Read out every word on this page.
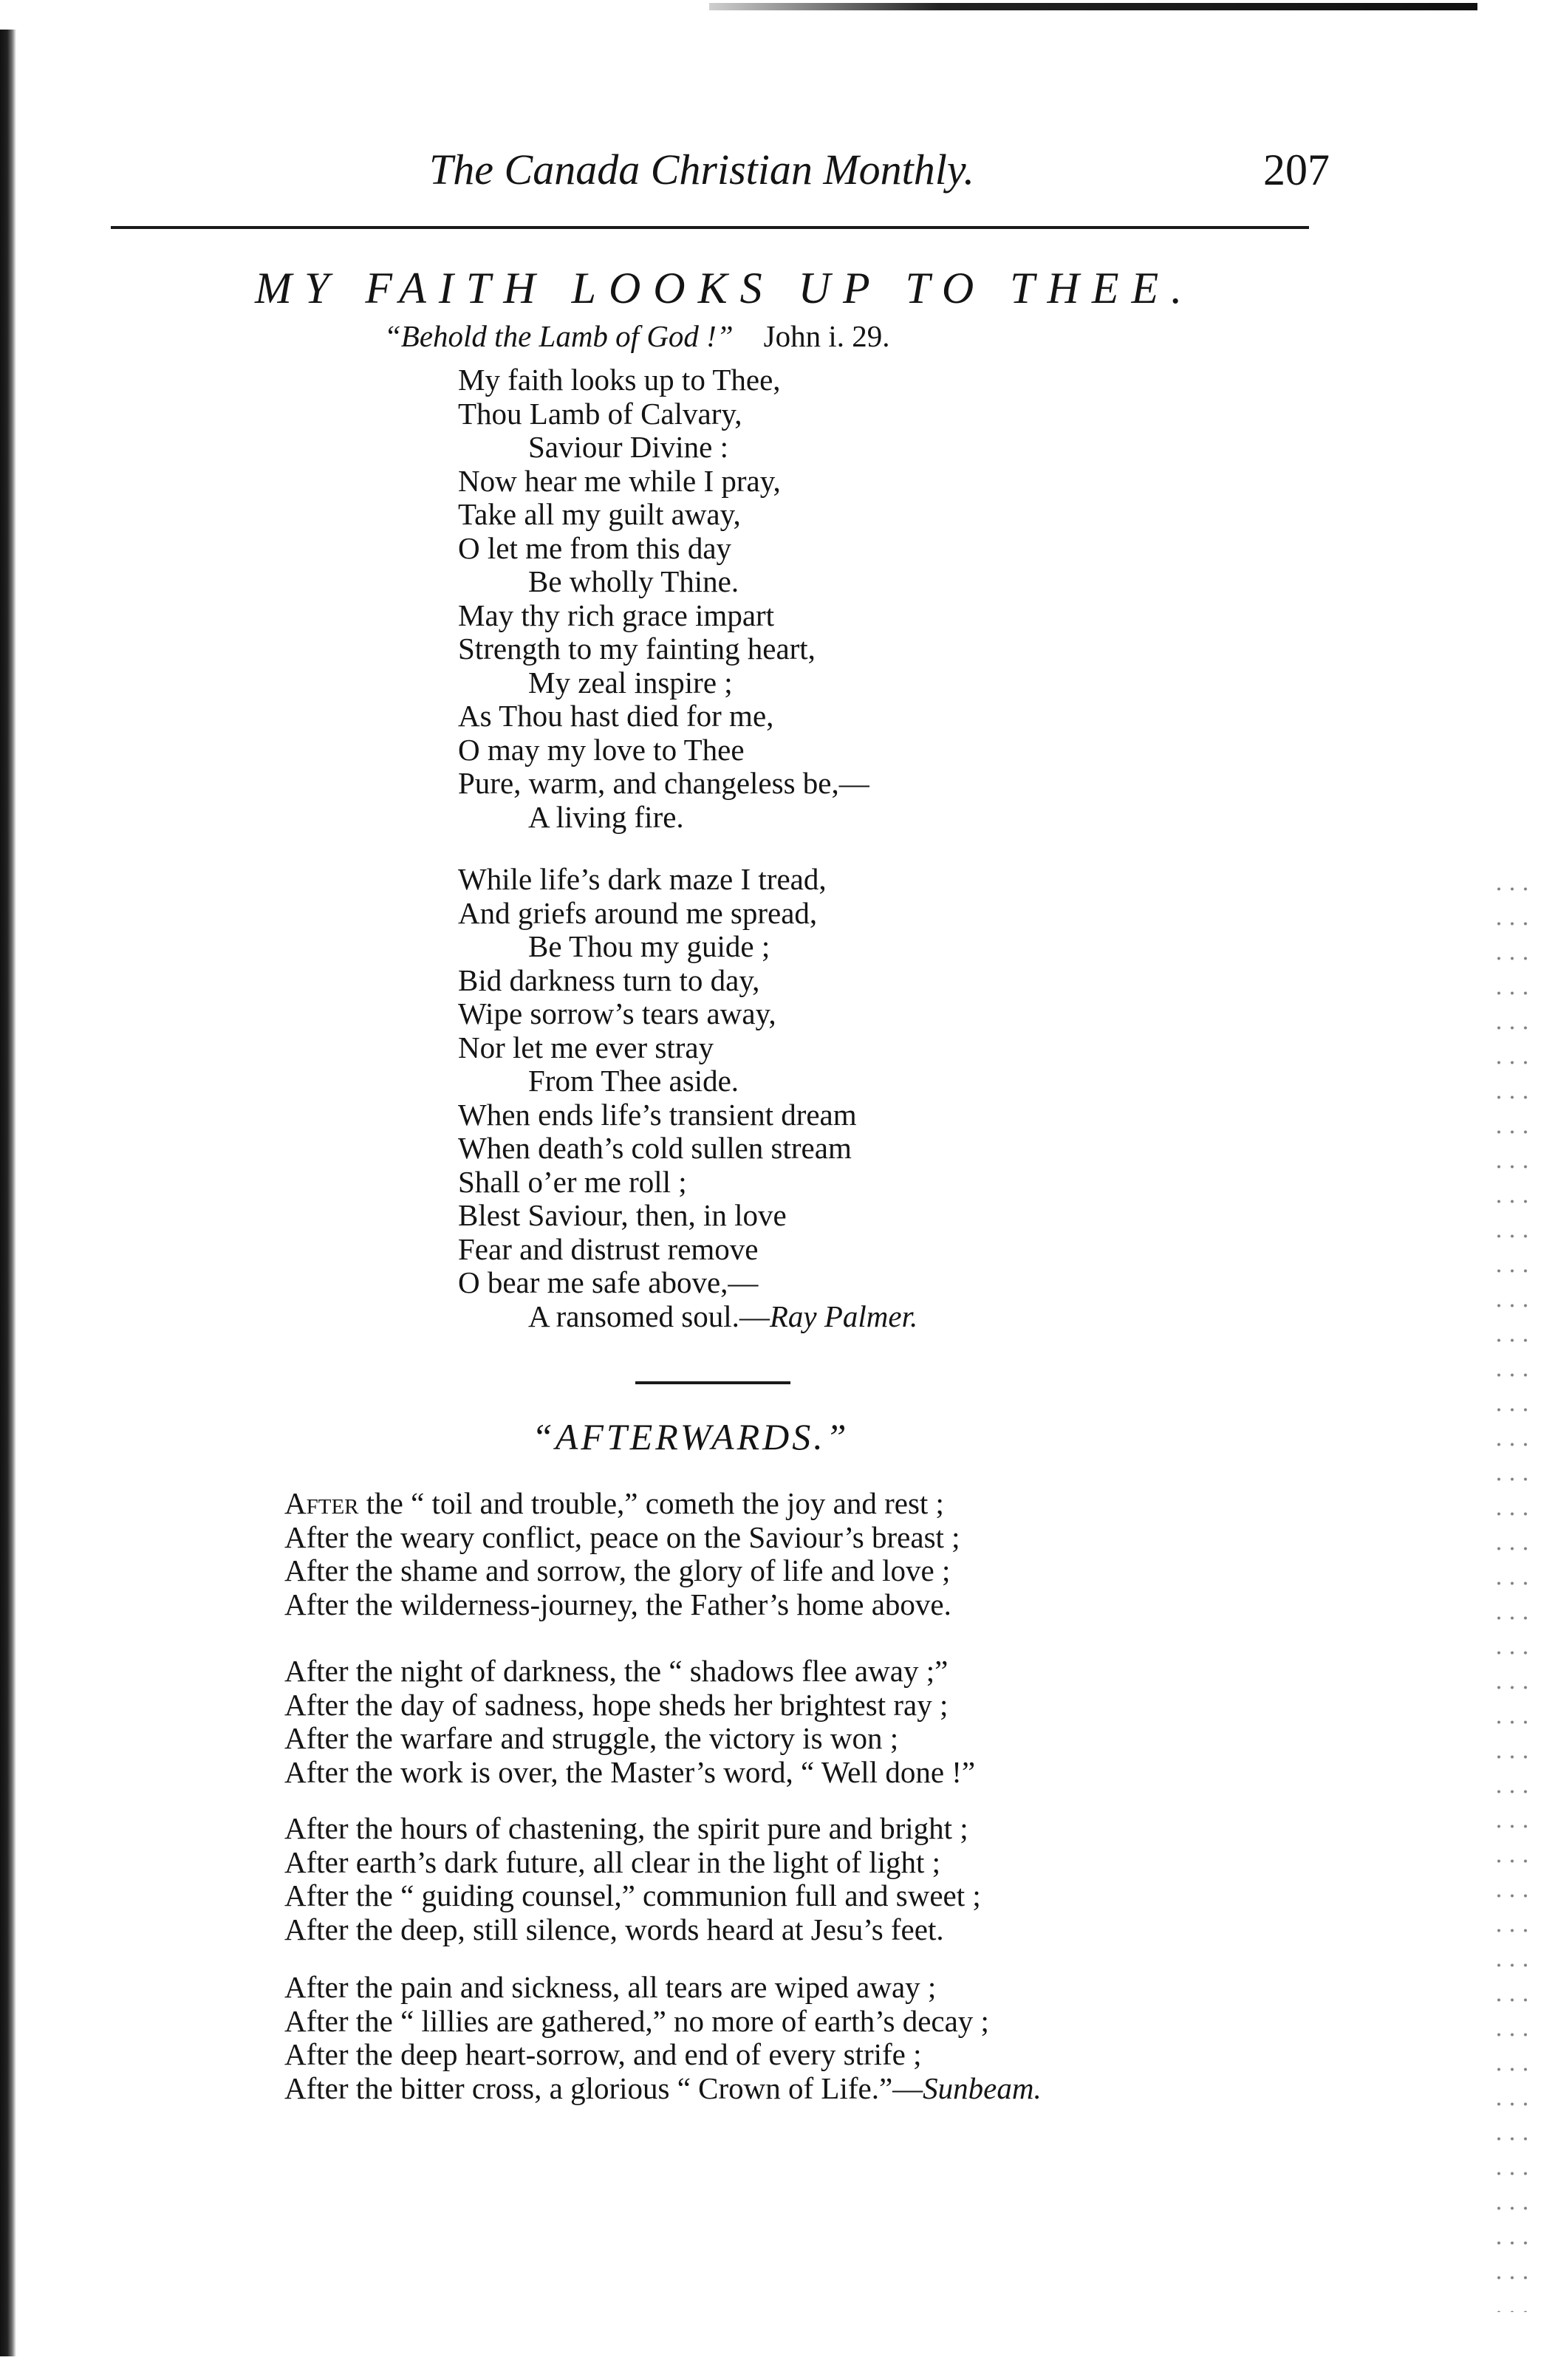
The Canada Christian Monthly.	207
MY FAITH LOOKS UP TO THEE.
“Behold the Lamb of God !” John i. 29.
My faith looks up to Thee,
Thou Lamb of Calvary,
Saviour Divine :
Now hear me while I pray,
Take all my guilt away,
O let me from this day
Be wholly Thine.
May thy rich grace impart
Strength to my fainting heart,
My zeal inspire ;
As Thou hast died for me,
O may my love to Thee
Pure, warm, and changeless be,—
A living fire.
While life’s dark maze I tread,
And griefs around me spread,
Be Thou my guide ;
Bid darkness turn to day,
Wipe sorrow’s tears away,
Nor let me ever stray
From Thee aside.
When ends life’s transient dream
When death’s cold sullen stream
Shall o’er me roll ;
Blest Saviour, then, in love
Fear and distrust remove
O bear me safe above,—
A ransomed soul.—Ray Palmer.
“AFTERWARDS.”
After the “ toil and trouble,” cometh the joy and rest ;
After the weary conflict, peace on the Saviour’s breast ;
After the shame and sorrow, the glory of life and love ;
After the wilderness-journey, the Father’s home above.
After the night of darkness, the “ shadows flee away ;”
After the day of sadness, hope sheds her brightest ray ;
After the warfare and struggle, the victory is won ;
After the work is over, the Master’s word, “ Well done !”
After the hours of chastening, the spirit pure and bright ;
After earth’s dark future, all clear in the light of light ;
After the “ guiding counsel,” communion full and sweet ;
After the deep, still silence, words heard at Jesu’s feet.
After the pain and sickness, all tears are wiped away ;
After the “ lillies are gathered,” no more of earth’s decay ;
After the deep heart-sorrow, and end of every strife ;
After the bitter cross, a glorious “ Crown of Life.”—Sunbeam.
